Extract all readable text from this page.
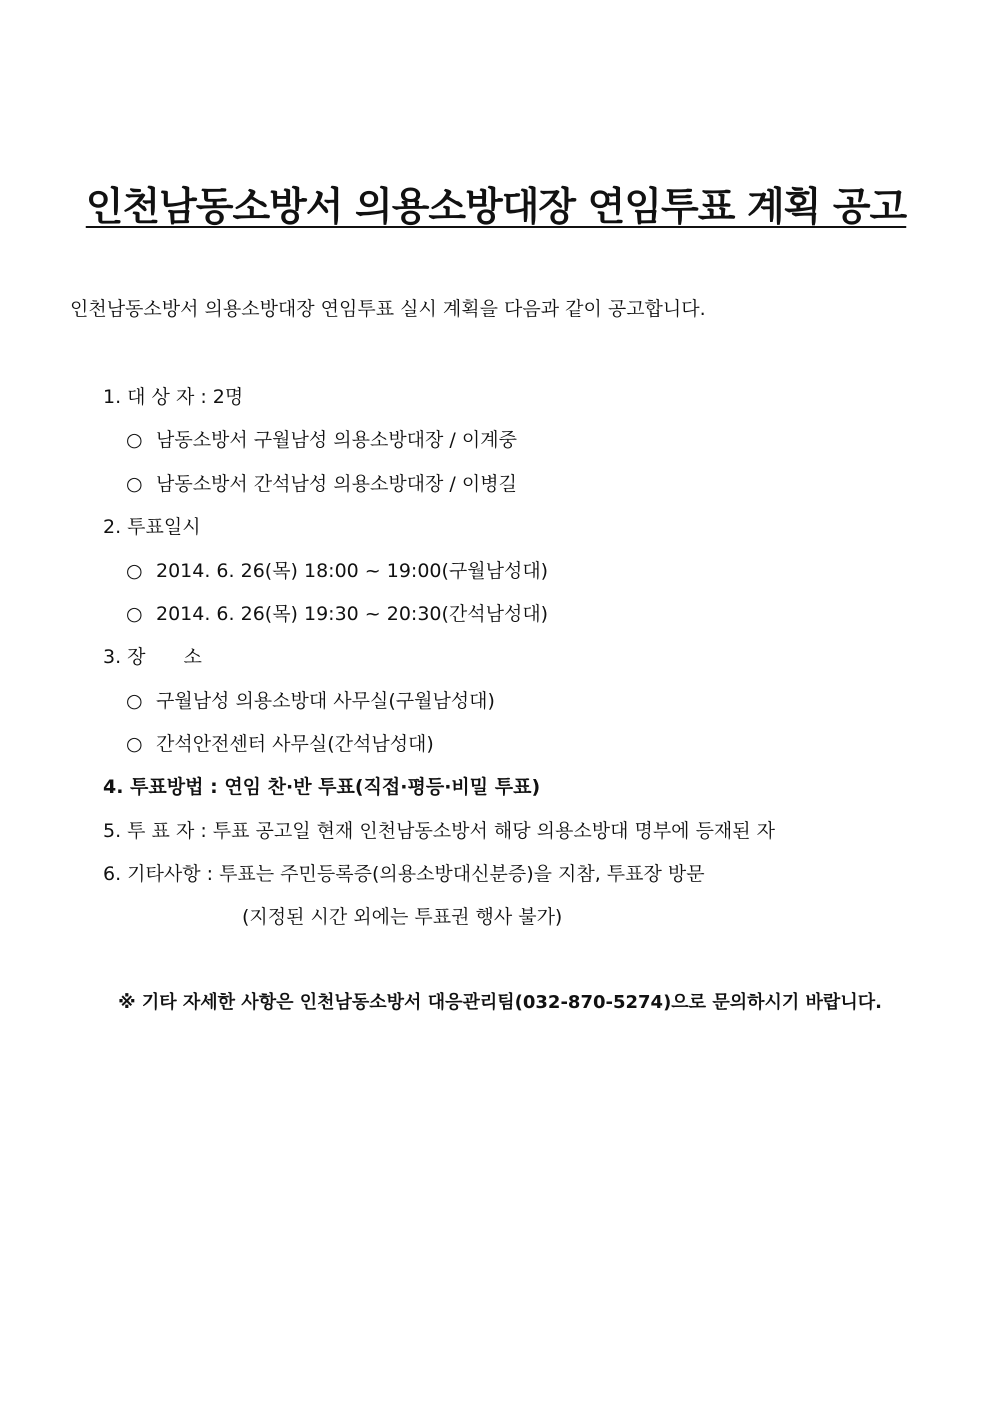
인천남동소방서 의용소방대장 연임투표 계획 공고
인천남동소방서 의용소방대장 연임투표 실시 계획을 다음과 같이 공고합니다.
1. 대 상 자 : 2명
○ 남동소방서 구월남성 의용소방대장 / 이계중
○ 남동소방서 간석남성 의용소방대장 / 이병길
2. 투표일시
○ 2014. 6. 26(목) 18:00 ~ 19:00(구월남성대)
○ 2014. 6. 26(목) 19:30 ~ 20:30(간석남성대)
3. 장　　소
○ 구월남성 의용소방대 사무실(구월남성대)
○ 간석안전센터 사무실(간석남성대)
4. 투표방법 : 연임 찬·반 투표(직접·평등·비밀 투표)
5. 투 표 자 : 투표 공고일 현재 인천남동소방서 해당 의용소방대 명부에 등재된 자
6. 기타사항 : 투표는 주민등록증(의용소방대신분증)을 지참, 투표장 방문
(지정된 시간 외에는 투표권 행사 불가)
※ 기타 자세한 사항은 인천남동소방서 대응관리팀(032-870-5274)으로 문의하시기 바랍니다.
